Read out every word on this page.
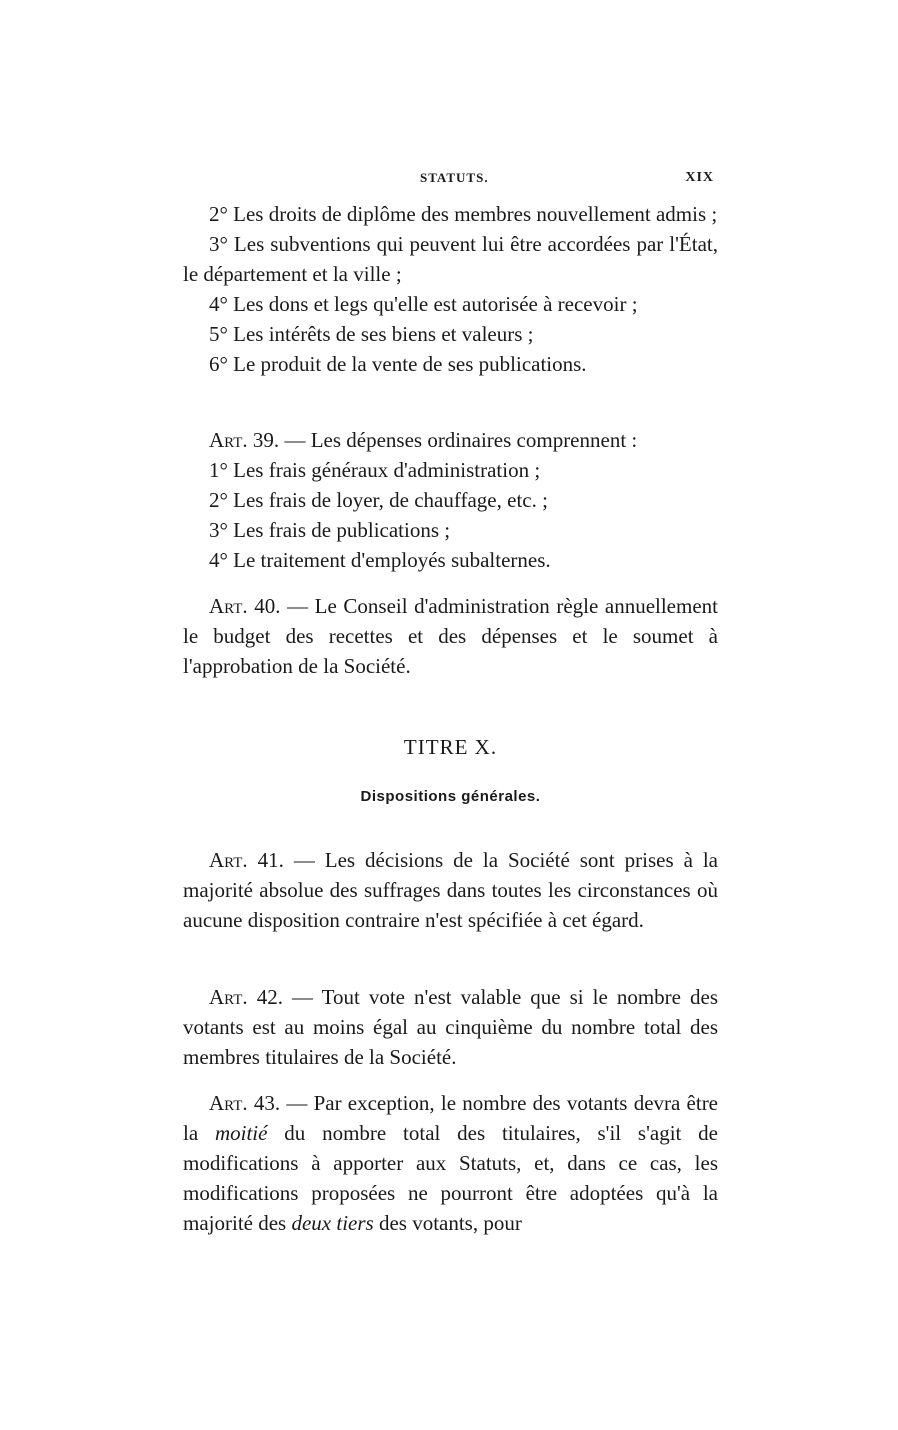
STATUTS.	XIX

2° Les droits de diplôme des membres nouvellement admis ;

3° Les subventions qui peuvent lui être accordées par l'État, le département et la ville ;

4° Les dons et legs qu'elle est autorisée à recevoir ;

5° Les intérêts de ses biens et valeurs ;

6° Le produit de la vente de ses publications.

Art. 39. — Les dépenses ordinaires comprennent :

1° Les frais généraux d'administration ;

2° Les frais de loyer, de chauffage, etc. ;

3° Les frais de publications ;

4° Le traitement d'employés subalternes.

Art. 40. — Le Conseil d'administration règle annuellement le budget des recettes et des dépenses et le soumet à l'approbation de la Société.

TITRE X.
Dispositions générales.

Art. 41. — Les décisions de la Société sont prises à la majorité absolue des suffrages dans toutes les circonstances où aucune disposition contraire n'est spécifiée à cet égard.

Art. 42. — Tout vote n'est valable que si le nombre des votants est au moins égal au cinquième du nombre total des membres titulaires de la Société.

Art. 43. — Par exception, le nombre des votants devra être la moitié du nombre total des titulaires, s'il s'agit de modifications à apporter aux Statuts, et, dans ce cas, les modifications proposées ne pourront être adoptées qu'à la majorité des deux tiers des votants, pour
